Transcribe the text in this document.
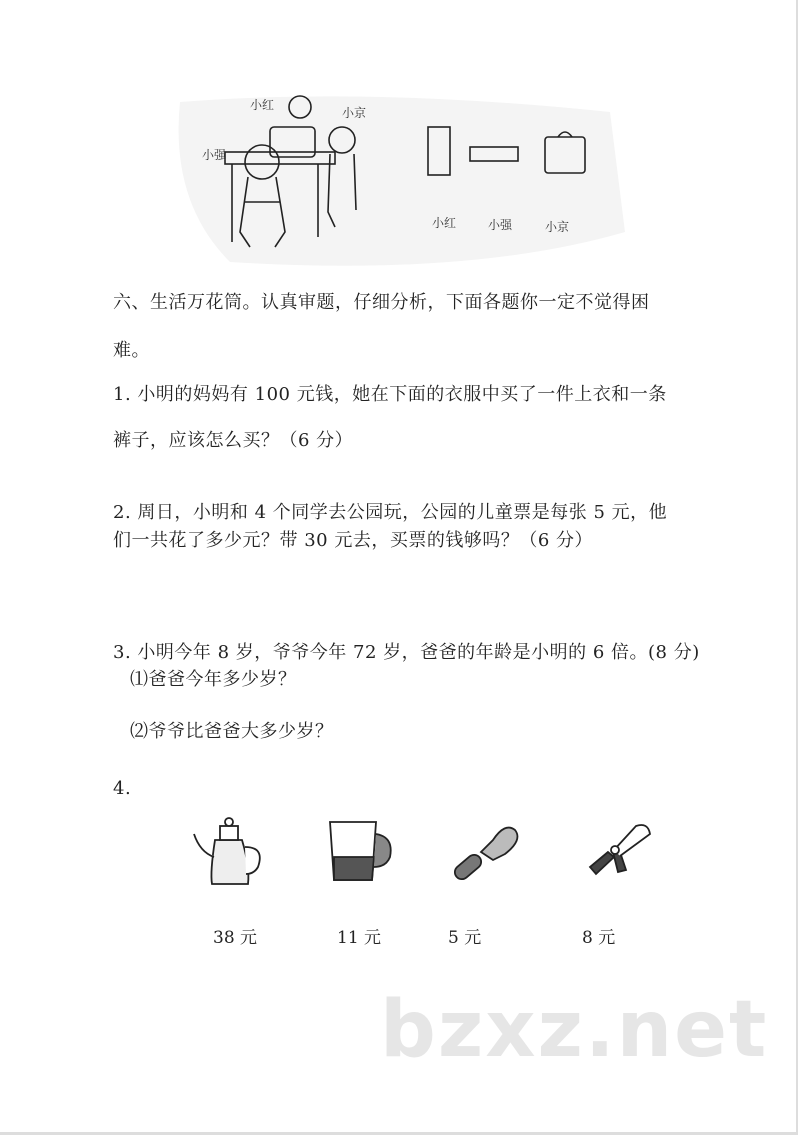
小红
小京
小强
小红	小强	小京
六、生活万花筒。认真审题，仔细分析，下面各题你一定不觉得困
难。
1. 小明的妈妈有 100 元钱，她在下面的衣服中买了一件上衣和一条
裤子，应该怎么买？（6 分）
2. 周日，小明和 4 个同学去公园玩，公园的儿童票是每张 5 元，他
们一共花了多少元？带 30 元去，买票的钱够吗？（6 分）
3. 小明今年 8 岁，爷爷今年 72 岁，爸爸的年龄是小明的 6 倍。(8 分)
⑴爸爸今年多少岁？
⑵爷爷比爸爸大多少岁？
4.
38 元	11 元	5 元	8 元
bzxz.net
